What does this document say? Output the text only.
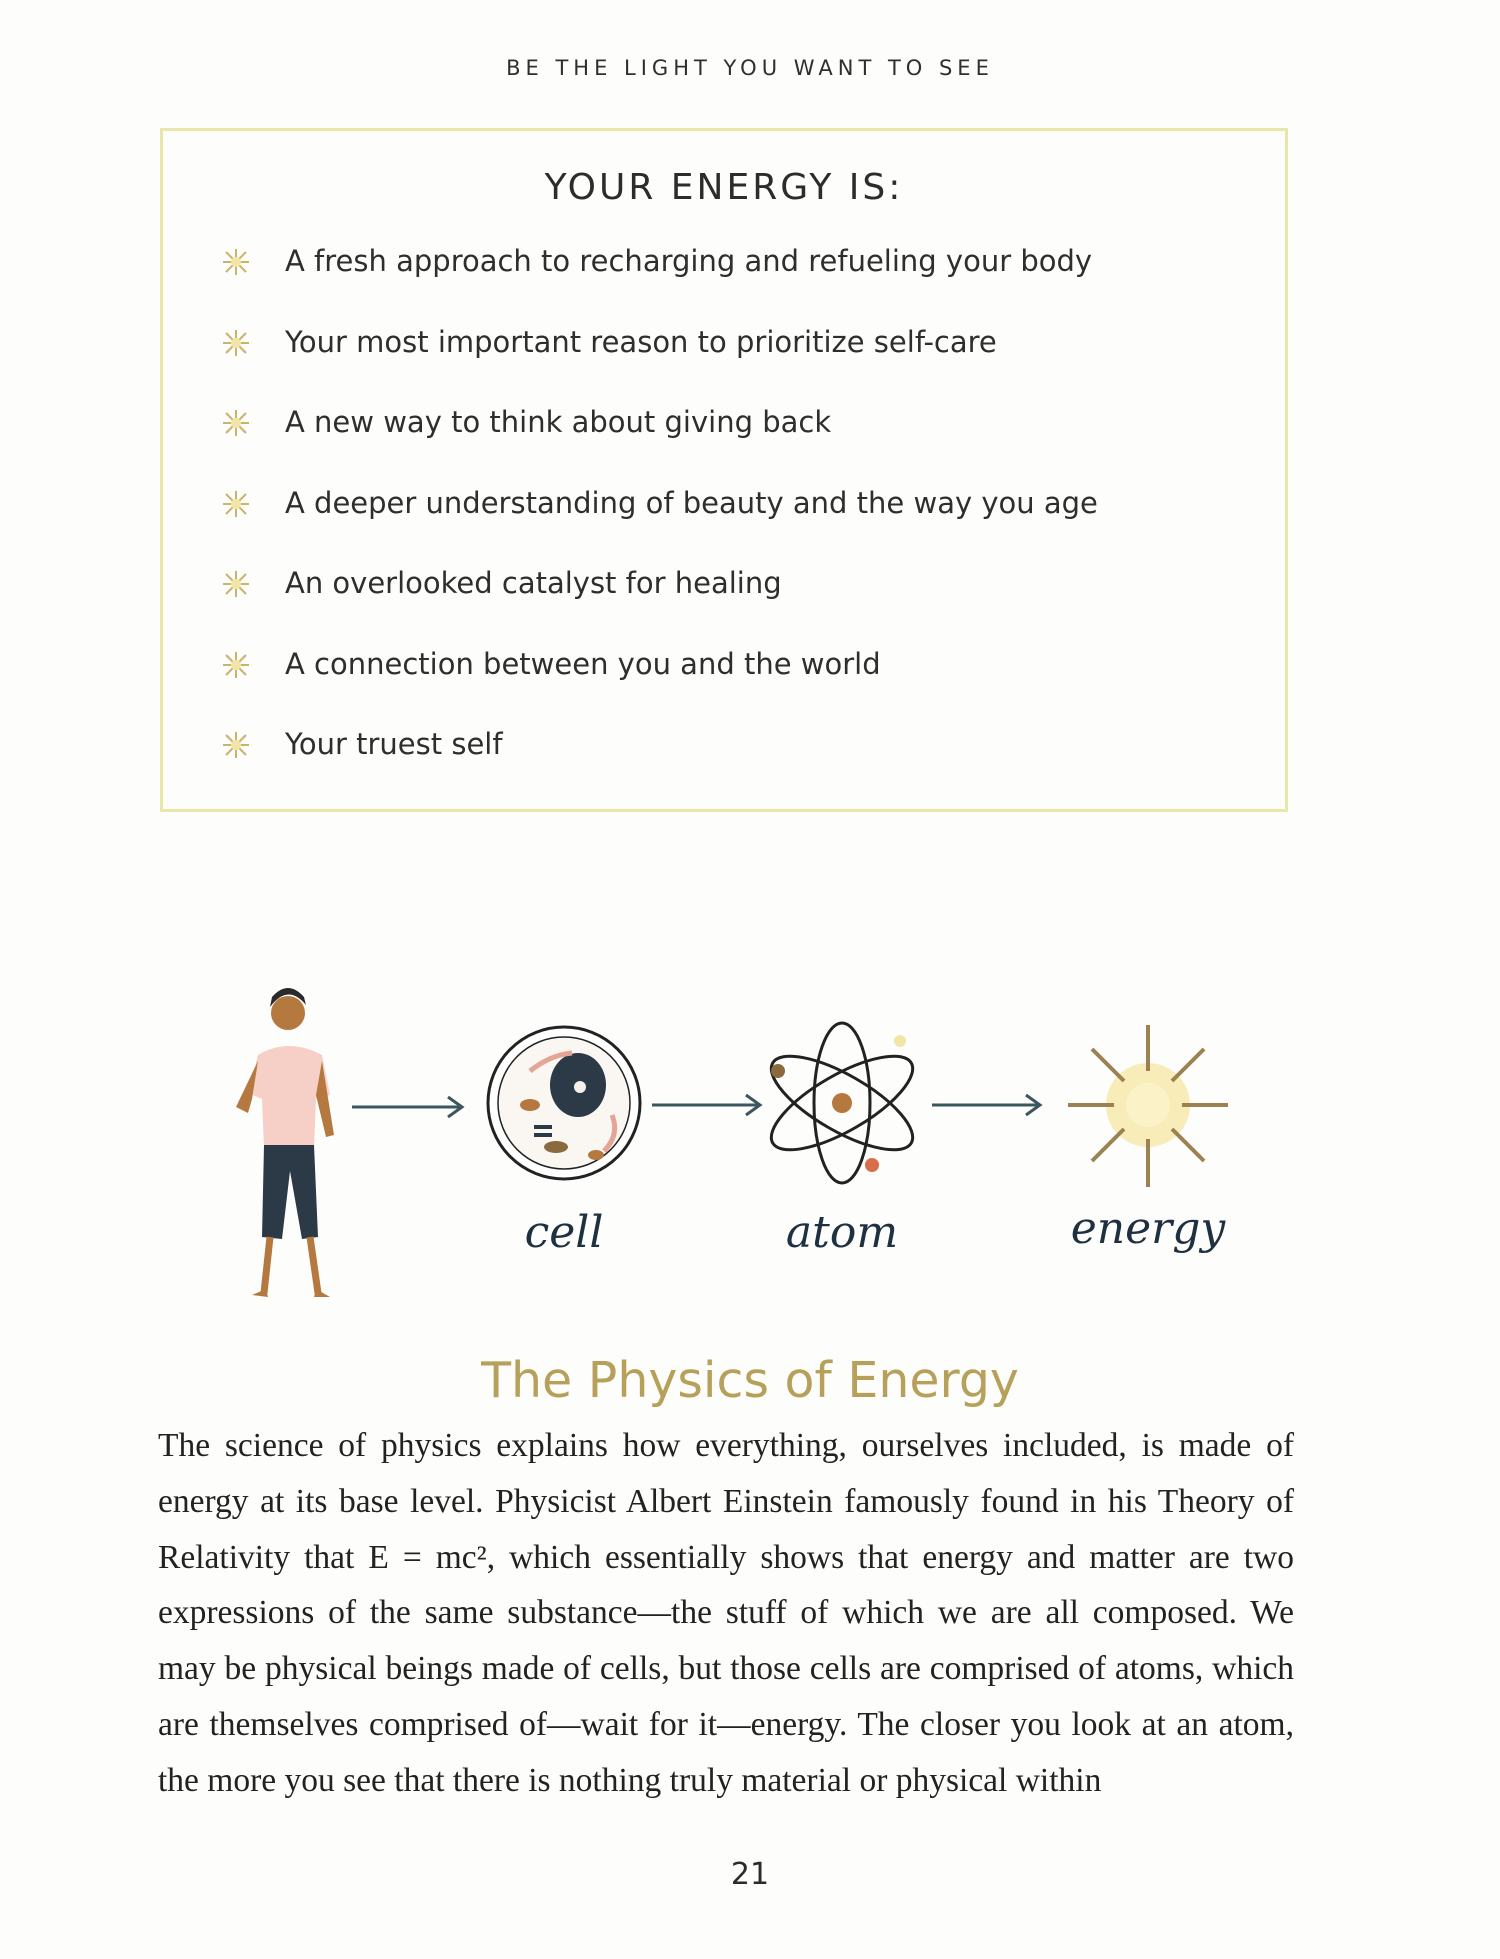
BE THE LIGHT YOU WANT TO SEE
YOUR ENERGY IS:
A fresh approach to recharging and refueling your body
Your most important reason to prioritize self-care
A new way to think about giving back
A deeper understanding of beauty and the way you age
An overlooked catalyst for healing
A connection between you and the world
Your truest self
cell	atom	energy
The Physics of Energy

The science of physics explains how everything, ourselves included, is made of energy at its base level. Physicist Albert Einstein famously found in his Theory of Relativity that E = mc², which essentially shows that energy and matter are two expressions of the same substance—the stuff of which we are all composed. We may be physical beings made of cells, but those cells are comprised of atoms, which are themselves comprised of—wait for it—energy. The closer you look at an atom, the more you see that there is nothing truly material or physical within

21
